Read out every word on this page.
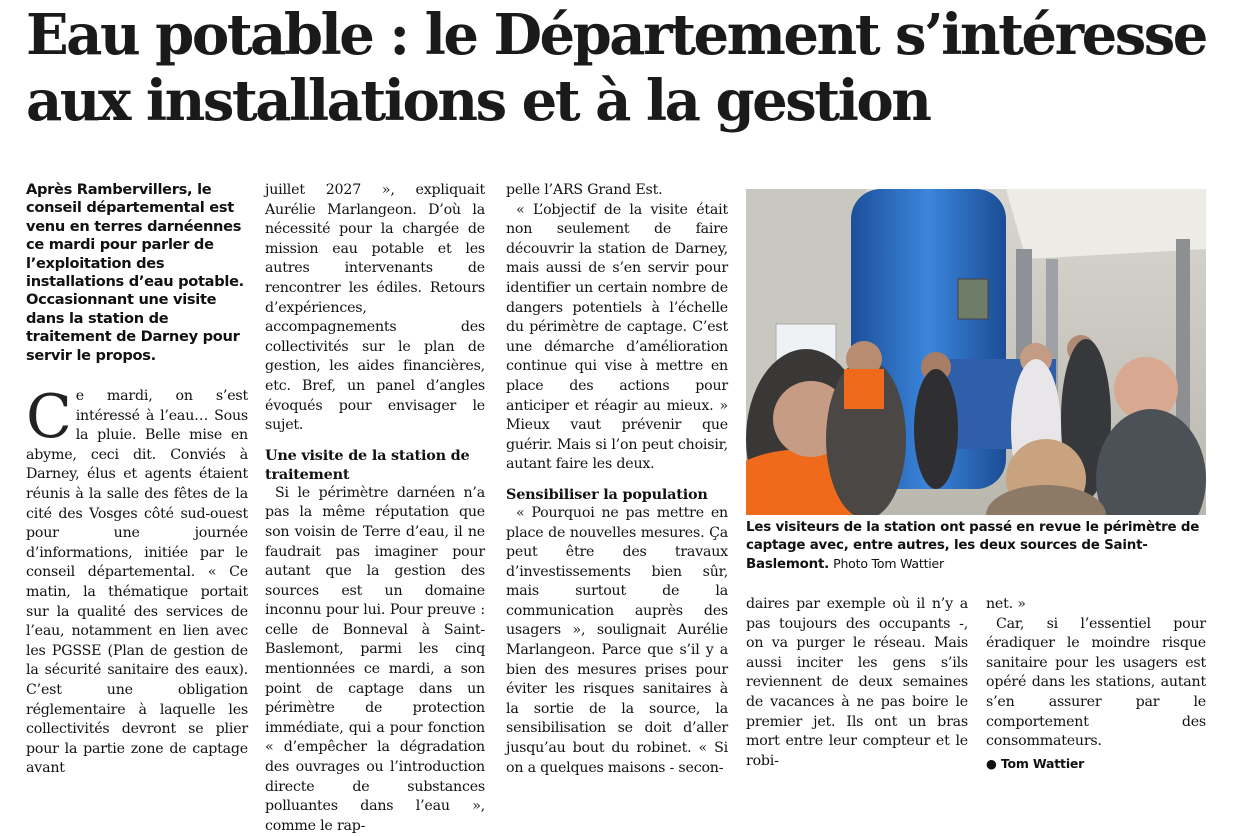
Eau potable : le Département s’intéresse aux installations et à la gestion

Après Rambervillers, le conseil départemental est venu en terres darnéennes ce mardi pour parler de l’exploitation des installations d’eau potable. Occasionnant une visite dans la station de traitement de Darney pour servir le propos.

Ce mardi, on s’est intéressé à l’eau… Sous la pluie. Belle mise en abyme, ceci dit. Conviés à Darney, élus et agents étaient réunis à la salle des fêtes de la cité des Vosges côté sud-ouest pour une journée d’informations, initiée par le conseil départemental. « Ce matin, la thématique portait sur la qualité des services de l’eau, notamment en lien avec les PGSSE (Plan de gestion de la sécurité sanitaire des eaux). C’est une obligation réglementaire à laquelle les collectivités devront se plier pour la partie zone de captage avant

juillet 2027 », expliquait Aurélie Marlangeon. D’où la nécessité pour la chargée de mission eau potable et les autres intervenants de rencontrer les édiles. Retours d’expériences, accompagnements des collectivités sur le plan de gestion, les aides financières, etc. Bref, un panel d’angles évoqués pour envisager le sujet.

Une visite de la station de traitement

Si le périmètre darnéen n’a pas la même réputation que son voisin de Terre d’eau, il ne faudrait pas imaginer pour autant que la gestion des sources est un domaine inconnu pour lui. Pour preuve : celle de Bonneval à Saint-Baslemont, parmi les cinq mentionnées ce mardi, a son point de captage dans un périmètre de protection immédiate, qui a pour fonction « d’empêcher la dégradation des ouvrages ou l’introduction directe de substances polluantes dans l’eau », comme le rap-

pelle l’ARS Grand Est.

« L’objectif de la visite était non seulement de faire découvrir la station de Darney, mais aussi de s’en servir pour identifier un certain nombre de dangers potentiels à l’échelle du périmètre de captage. C’est une démarche d’amélioration continue qui vise à mettre en place des actions pour anticiper et réagir au mieux. » Mieux vaut prévenir que guérir. Mais si l’on peut choisir, autant faire les deux.

Sensibiliser la population

« Pourquoi ne pas mettre en place de nouvelles mesures. Ça peut être des travaux d’investissements bien sûr, mais surtout de la communication auprès des usagers », soulignait Aurélie Marlangeon. Parce que s’il y a bien des mesures prises pour éviter les risques sanitaires à la sortie de la source, la sensibilisation se doit d’aller jusqu’au bout du robinet. « Si on a quelques maisons - secon-

Les visiteurs de la station ont passé en revue le périmètre de captage avec, entre autres, les deux sources de Saint-Baslemont. Photo Tom Wattier

daires par exemple où il n’y a pas toujours des occupants -, on va purger le réseau. Mais aussi inciter les gens s’ils reviennent de deux semaines de vacances à ne pas boire le premier jet. Ils ont un bras mort entre leur compteur et le robi-

net. »

Car, si l’essentiel pour éradiquer le moindre risque sanitaire pour les usagers est opéré dans les stations, autant s’en assurer par le comportement des consommateurs.

● Tom Wattier
